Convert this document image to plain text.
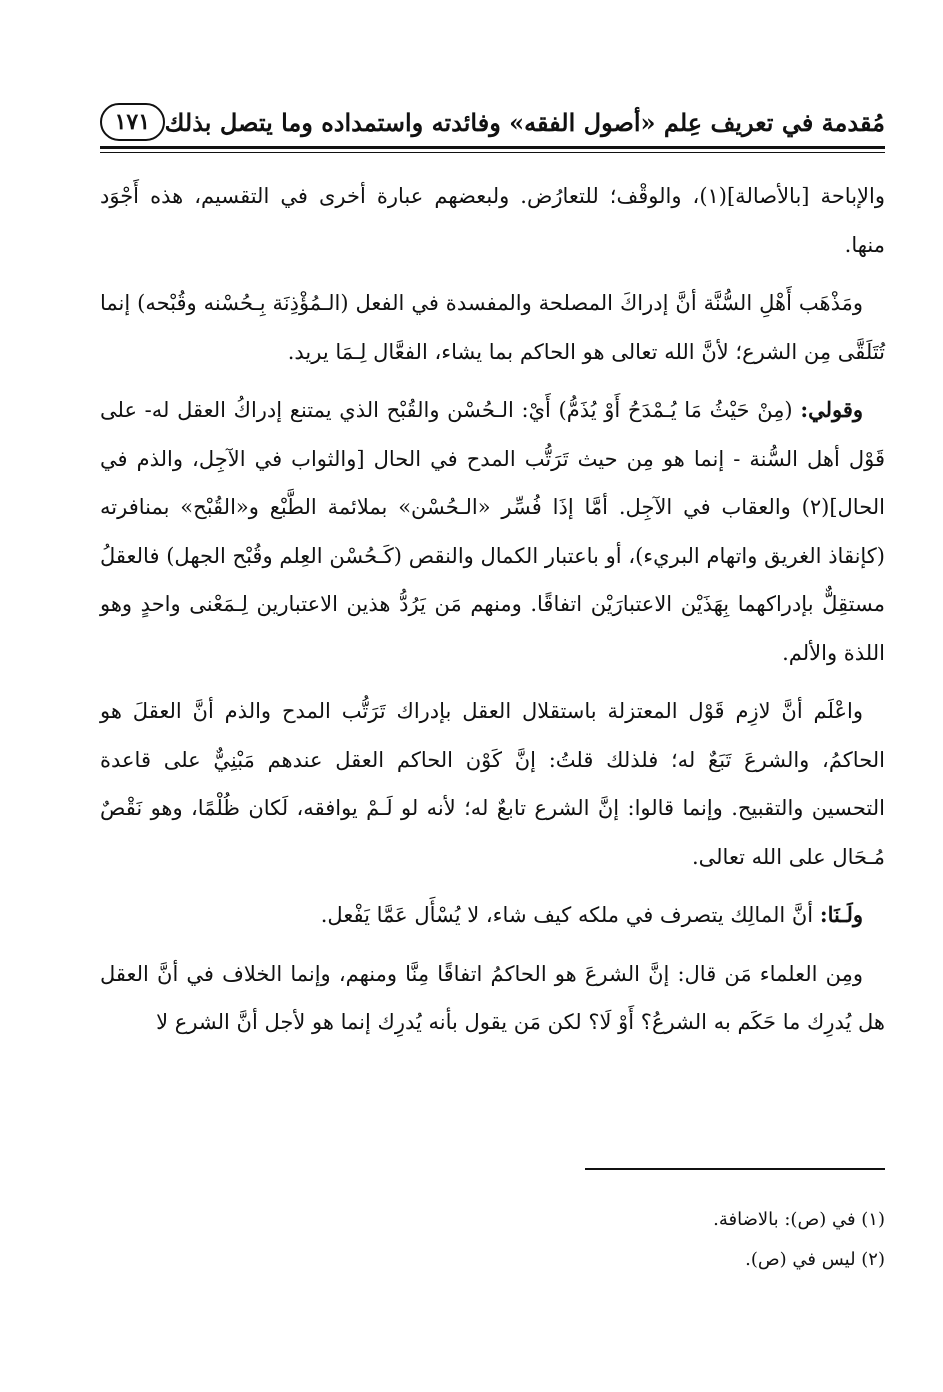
مُقدمة في تعريف عِلم «أصول الفقه» وفائدته واستمداده وما يتصل بذلك
١٧١

والإباحة [بالأصالة](١)، والوقْف؛ للتعارُض. ولبعضهم عبارة أخرى في التقسيم، هذه أَجْوَد منها.

ومَذْهَب أَهْلِ السُّنَّة أنَّ إدراكَ المصلحة والمفسدة في الفعل (الـمُؤْذِنَة بِـحُسْنه وقُبْحه) إنما تُتَلَقَّى مِن الشرع؛ لأنَّ الله تعالى هو الحاكم بما يشاء، الفعَّال لِـمَا يريد.

وقولي: (مِنْ حَيْثُ مَا يُـمْدَحُ أَوْ يُذَمُّ) أَيْ: الـحُسْن والقُبْح الذي يمتنع إدراكُ العقل له- على قَوْل أهل السُّنة - إنما هو مِن حيث تَرَتُّب المدح في الحال [والثواب في الآجِل، والذم في الحال](٢) والعقاب في الآجِل. أمَّا إذَا فُسِّر «الـحُسْن» بملائمة الطَّبْع و«القُبْح» بمنافرته (كإنقاذ الغريق واتهام البريء)، أو باعتبار الكمال والنقص (كَـحُسْن العِلم وقُبْح الجهل) فالعقلُ مستقِلٌّ بإدراكهما بِهَذَيْن الاعتبارَيْن اتفاقًا. ومنهم مَن يَرُدُّ هذين الاعتبارين لِـمَعْنى واحدٍ وهو اللذة والألم.

واعْلَم أنَّ لازِم قَوْل المعتزلة باستقلال العقل بإدراك تَرَتُّب المدح والذم أنَّ العقلَ هو الحاكمُ، والشرعَ تَبَعٌ له؛ فلذلك قلتُ: إنَّ كَوْن الحاكم العقل عندهم مَبْنِيٌّ على قاعدة التحسين والتقبيح. وإنما قالوا: إنَّ الشرع تابعٌ له؛ لأنه لو لَـمْ يوافقه، لَكان ظُلْمًا، وهو نَقْصٌ مُـحَال على الله تعالى.

ولَـنَا: أنَّ المالِك يتصرف في ملكه كيف شاء، لا يُسْأَل عَمَّا يَفْعل.

ومِن العلماء مَن قال: إنَّ الشرعَ هو الحاكمُ اتفاقًا مِنَّا ومنهم، وإنما الخلاف في أنَّ العقل هل يُدرِك ما حَكَم به الشرعُ؟ أَوْ لَا؟ لكن مَن يقول بأنه يُدرِك إنما هو لأجل أنَّ الشرع لا

(١) في (ص): بالاضافة.
(٢) ليس في (ص).
